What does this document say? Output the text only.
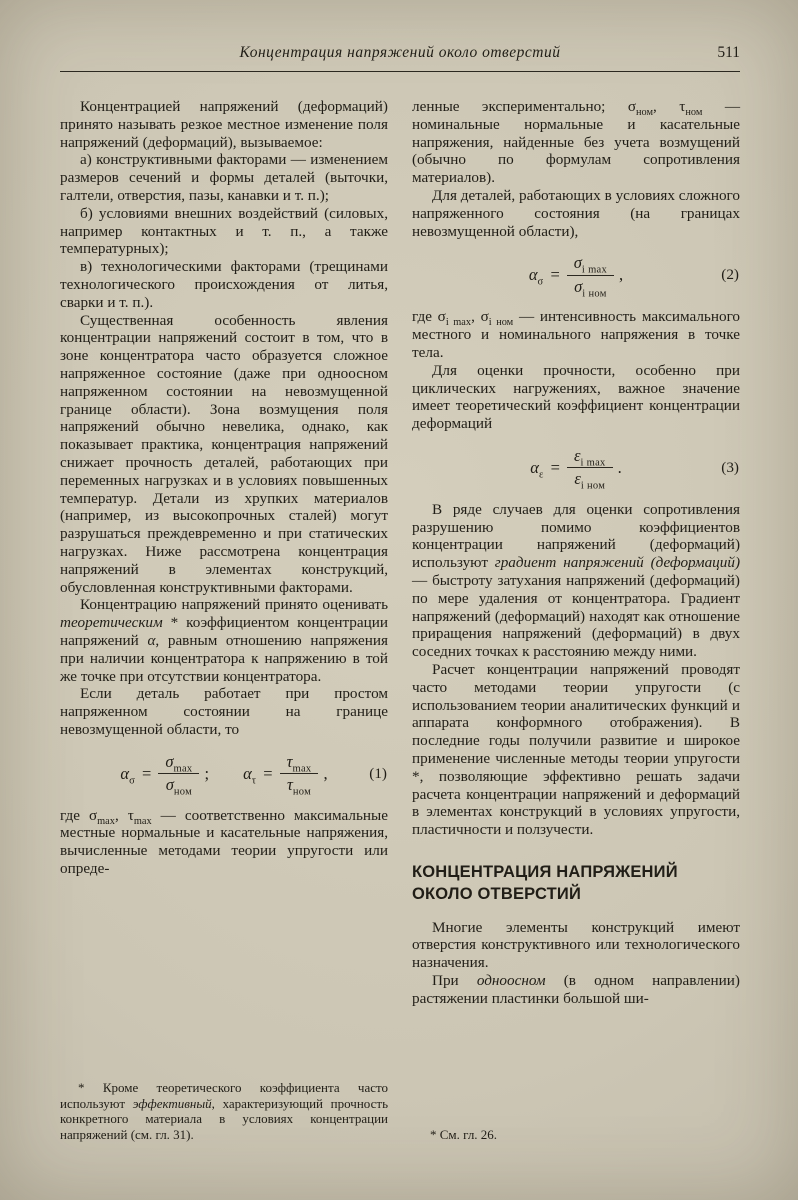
Концентрация напряжений около отверстий	511

Концентрацией напряжений (деформаций) принято называть резкое местное изменение поля напряжений (деформаций), вызываемое:

а) конструктивными факторами — изменением размеров сечений и формы деталей (выточки, галтели, отверстия, пазы, канавки и т. п.);

б) условиями внешних воздействий (силовых, например контактных и т. п., а также температурных);

в) технологическими факторами (трещинами технологического происхождения от литья, сварки и т. п.).

Существенная особенность явления концентрации напряжений состоит в том, что в зоне концентратора часто образуется сложное напряженное состояние (даже при одноосном напряженном состоянии на невозмущенной границе области). Зона возмущения поля напряжений обычно невелика, однако, как показывает практика, концентрация напряжений снижает прочность деталей, работающих при переменных нагрузках и в условиях повышенных температур. Детали из хрупких материалов (например, из высокопрочных сталей) могут разрушаться преждевременно и при статических нагрузках. Ниже рассмотрена концентрация напряжений в элементах конструкций, обусловленная конструктивными факторами.

Концентрацию напряжений принято оценивать теоретическим * коэффициентом концентрации напряжений α, равным отношению напряжения при наличии концентратора к напряжению в той же точке при отсутствии концентратора.

Если деталь работает при простом напряженном состоянии на границе невозмущенной области, то

$\alpha_\sigma = \frac{\sigma_{max}}{\sigma_{ном}}$ ; $\alpha_\tau = \frac{\tau_{max}}{\tau_{ном}}$ ,	(1)

где $\sigma_{max}$, $\tau_{max}$ — соответственно максимальные местные нормальные и касательные напряжения, вычисленные методами теории упругости или опреде-

* Кроме теоретического коэффициента часто используют эффективный, характеризующий прочность конкретного материала в условиях концентрации напряжений (см. гл. 31).

ленные экспериментально; $\sigma_{ном}$, $\tau_{ном}$ — номинальные нормальные и касательные напряжения, найденные без учета возмущений (обычно по формулам сопротивления материалов).

Для деталей, работающих в условиях сложного напряженного состояния (на границах невозмущенной области),

$\alpha_\sigma = \frac{\sigma_{i max}}{\sigma_{i ном}}$ ,	(2)

где $\sigma_{i max}$, $\sigma_{i ном}$ — интенсивность максимального местного и номинального напряжения в точке тела.

Для оценки прочности, особенно при циклических нагружениях, важное значение имеет теоретический коэффициент концентрации деформаций

$\alpha_\varepsilon = \frac{\varepsilon_{i max}}{\varepsilon_{i ном}}$ .	(3)

В ряде случаев для оценки сопротивления разрушению помимо коэффициентов концентрации напряжений (деформаций) используют градиент напряжений (деформаций) — быстроту затухания напряжений (деформаций) по мере удаления от концентратора. Градиент напряжений (деформаций) находят как отношение приращения напряжений (деформаций) в двух соседних точках к расстоянию между ними.

Расчет концентрации напряжений проводят часто методами теории упругости (с использованием теории аналитических функций и аппарата конформного отображения). В последние годы получили развитие и широкое применение численные методы теории упругости *, позволяющие эффективно решать задачи расчета концентрации напряжений и деформаций в элементах конструкций в условиях упругости, пластичности и ползучести.

КОНЦЕНТРАЦИЯ НАПРЯЖЕНИЙ ОКОЛО ОТВЕРСТИЙ

Многие элементы конструкций имеют отверстия конструктивного или технологического назначения.

При одноосном (в одном направлении) растяжении пластинки большой ши-

* См. гл. 26.
